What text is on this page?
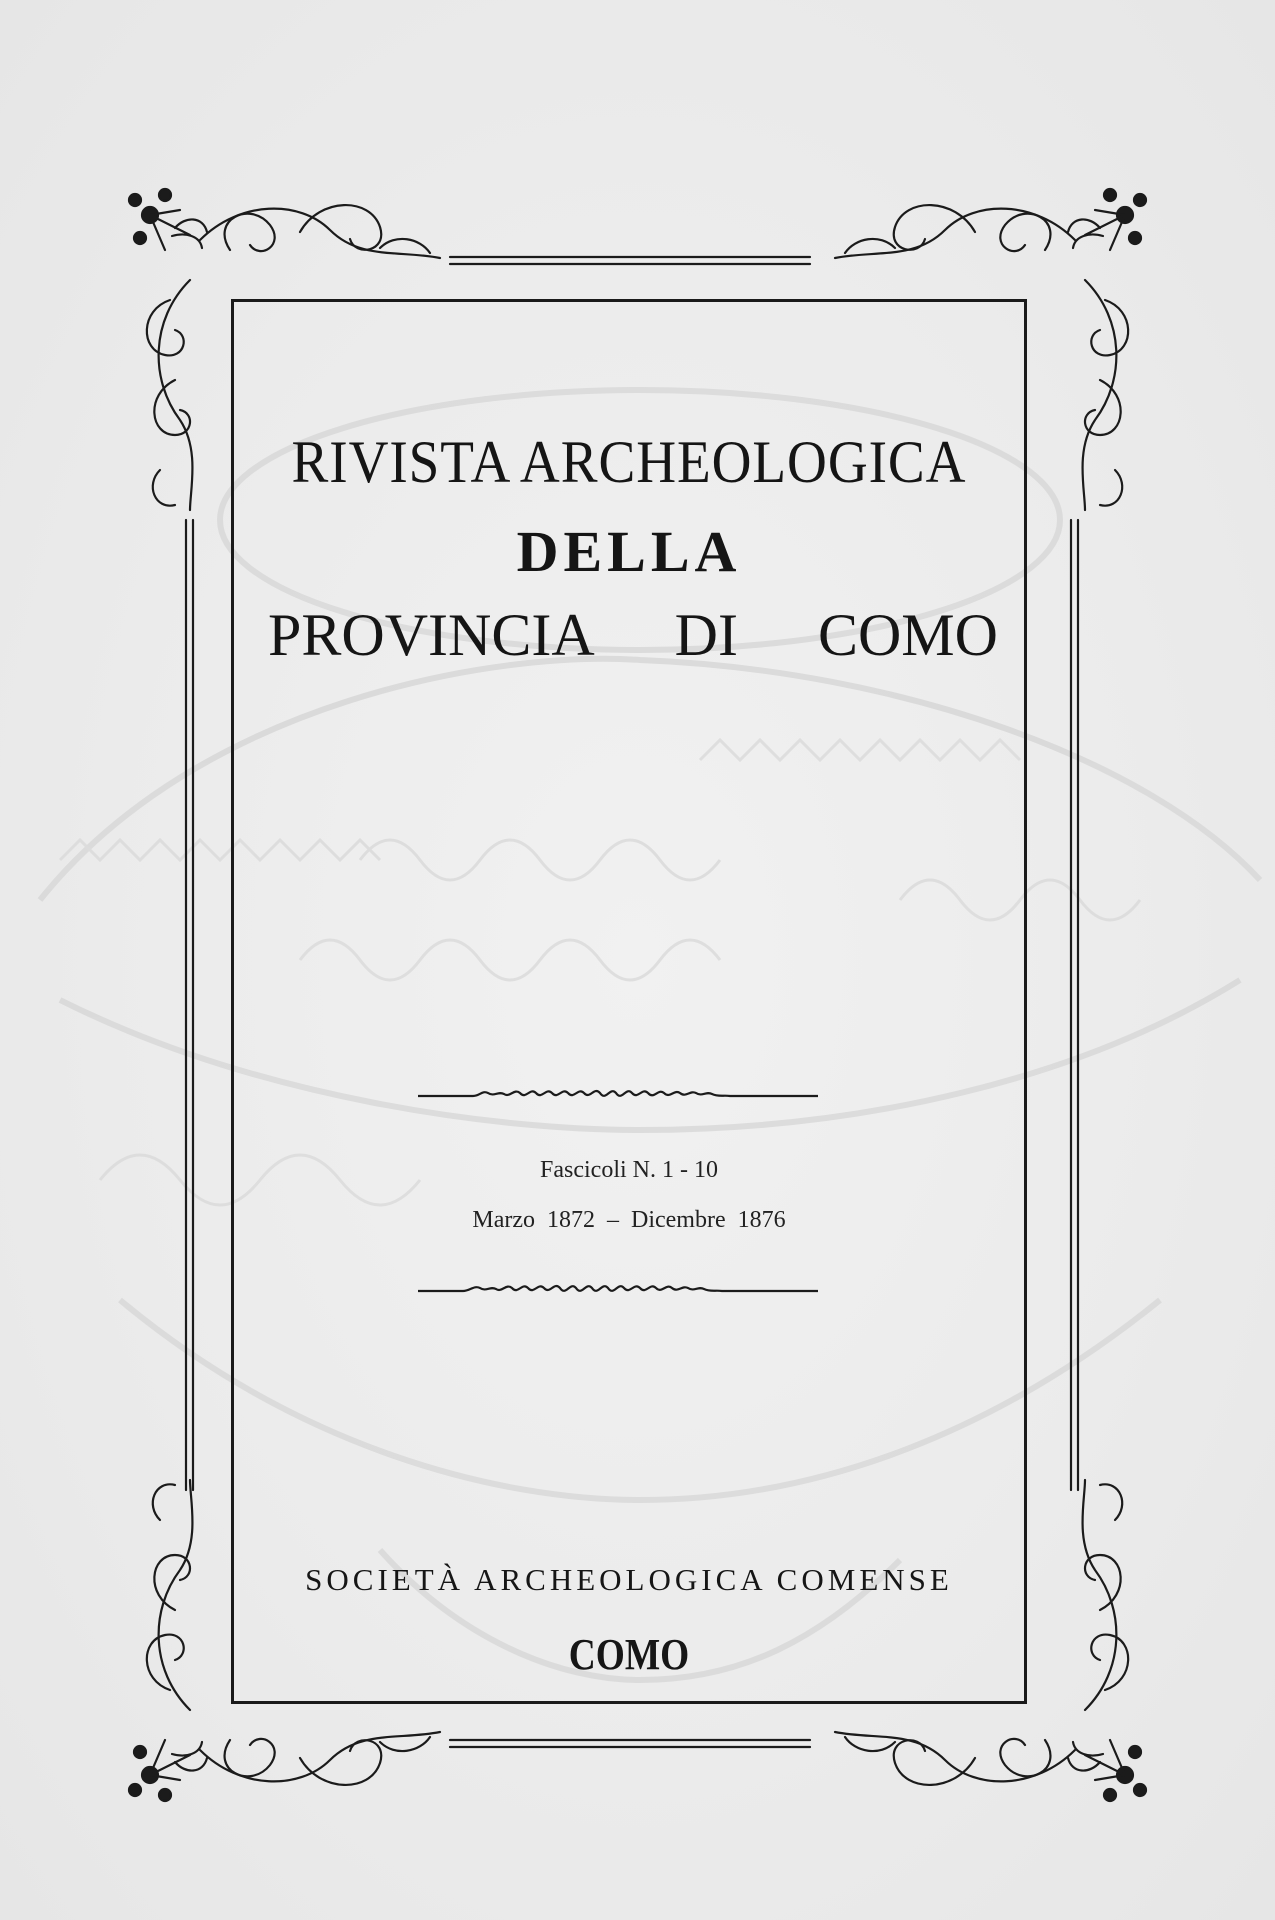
RIVISTA ARCHEOLOGICA
DELLA
PROVINCIA DI COMO

Fascicoli N. 1 - 10

Marzo 1872 – Dicembre 1876

SOCIETÀ ARCHEOLOGICA COMENSE

COMO
